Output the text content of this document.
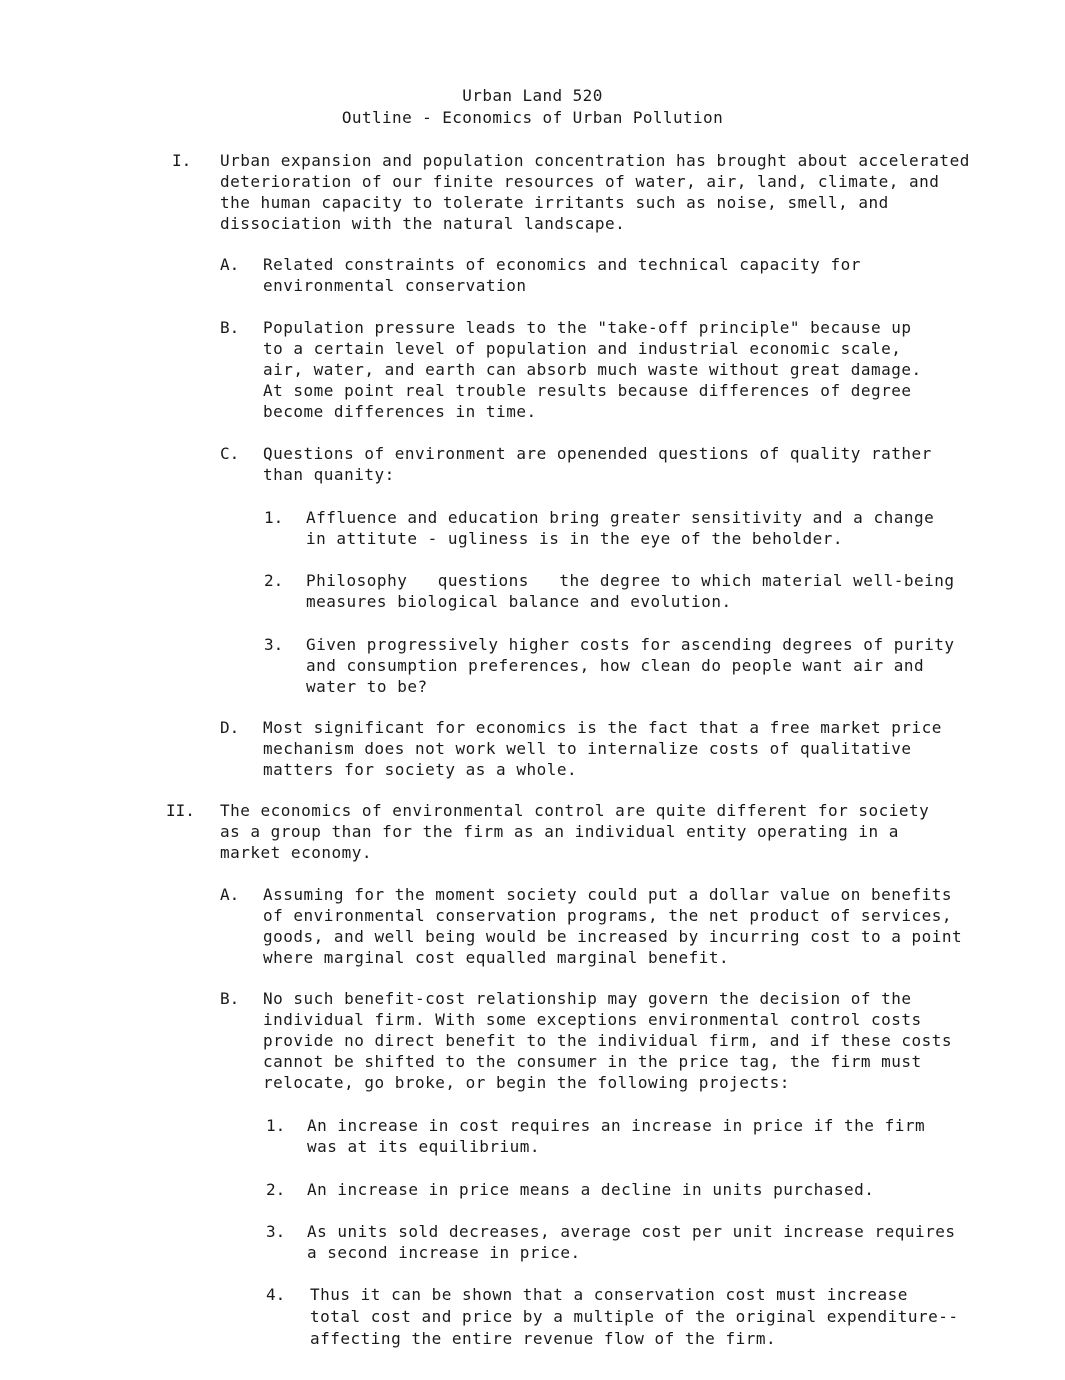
Urban Land 520
Outline - Economics of Urban Pollution
I. Urban expansion and population concentration has brought about accelerated
deterioration of our finite resources of water, air, land, climate, and
the human capacity to tolerate irritants such as noise, smell, and
dissociation with the natural landscape.
A. Related constraints of economics and technical capacity for
environmental conservation
B. Population pressure leads to the "take-off principle" because up
to a certain level of population and industrial economic scale,
air, water, and earth can absorb much waste without great damage.
At some point real trouble results because differences of degree
become differences in time.
C. Questions of environment are openended questions of quality rather
than quanity:
1. Affluence and education bring greater sensitivity and a change
in attitute - ugliness is in the eye of the beholder.
2. Philosophy   questions   the degree to which material well-being
measures biological balance and evolution.
3. Given progressively higher costs for ascending degrees of purity
and consumption preferences, how clean do people want air and
water to be?
D. Most significant for economics is the fact that a free market price
mechanism does not work well to internalize costs of qualitative
matters for society as a whole.
II. The economics of environmental control are quite different for society
as a group than for the firm as an individual entity operating in a
market economy.
A. Assuming for the moment society could put a dollar value on benefits
of environmental conservation programs, the net product of services,
goods, and well being would be increased by incurring cost to a point
where marginal cost equalled marginal benefit.
B. No such benefit-cost relationship may govern the decision of the
individual firm. With some exceptions environmental control costs
provide no direct benefit to the individual firm, and if these costs
cannot be shifted to the consumer in the price tag, the firm must
relocate, go broke, or begin the following projects:
1. An increase in cost requires an increase in price if the firm
was at its equilibrium.
2. An increase in price means a decline in units purchased.
3. As units sold decreases, average cost per unit increase requires
a second increase in price.
4. Thus it can be shown that a conservation cost must increase
total cost and price by a multiple of the original expenditure--
affecting the entire revenue flow of the firm.
